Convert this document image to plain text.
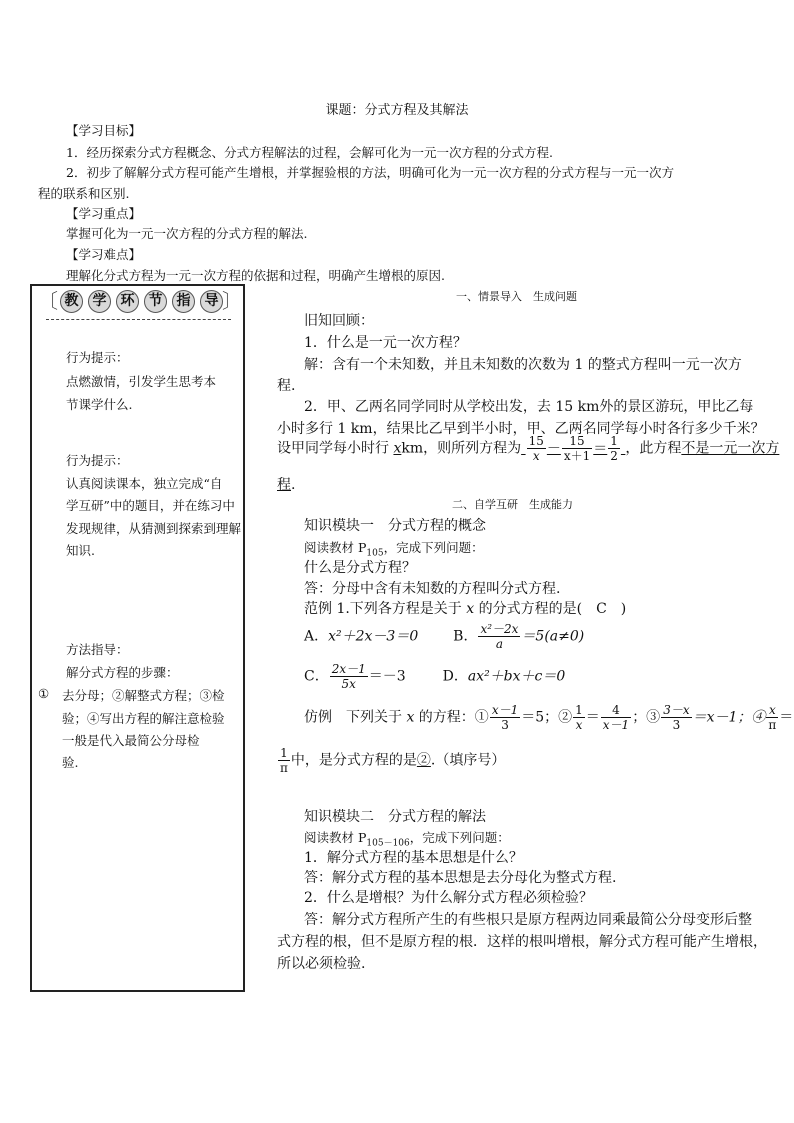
课题：分式方程及其解法
【学习目标】
1．经历探索分式方程概念、分式方程解法的过程，会解可化为一元一次方程的分式方程.
2．初步了解解分式方程可能产生增根，并掌握验根的方法，明确可化为一元一次方程的分式方程与一元一次方
程的联系和区别.
【学习重点】
掌握可化为一元一次方程的分式方程的解法.
【学习难点】
理解化分式方程为一元一次方程的依据和过程，明确产生增根的原因.
〔 教	学	环	节	指	导 〕
行为提示：
点燃激情，引发学生思考本
节课学什么.
行为提示：
认真阅读课本，独立完成“自
学互研”中的题目，并在练习中
发现规律，从猜测到探索到理解
知识.
方法指导：
解分式方程的步骤：
① 去分母；②解整式方程；③检
验；④写出方程的解注意检验
一般是代入最简公分母检
验.
一、情景导入　生成问题
旧知回顾：
1．什么是一元一次方程？
解：含有一个未知数，并且未知数的次数为 1 的整式方程叫一元一次方
程.
2．甲、乙两名同学同时从学校出发，去 15 km外的景区游玩，甲比乙每
小时多行 1 km，结果比乙早到半小时，甲、乙两名同学每小时各行多少千米？
设甲同学每小时行 xkm，则所列方程为 $\frac{15}{x} - \frac{15}{x+1} = \frac{1}{2}$ ，此方程不是一元一次方
程.
二、自学互研　生成能力
知识模块一　分式方程的概念
阅读教材 $P_{105}$，完成下列问题：
什么是分式方程？
答：分母中含有未知数的方程叫分式方程.
范例 1.下列各方程是关于 x 的分式方程的是(　C　)
A．x²＋2x－3＝0 B． $\frac{\text{x²－2x}}{a} =5(a\ne 0)$
C． $\frac{2x-1}{5x} =-3$	D．ax²＋bx＋c＝0
仿例　下列关于 x 的方程：① $\frac{x-1}{3} =5$；② $\frac{1}{x} = \frac{4}{x-1}$ ；③ $\frac{3-x}{3} =x-1$；④ $\frac{x}{\pi}$ ＝
$\frac{1}{\pi}$ 中，是分式方程的是②.（填序号）
知识模块二　分式方程的解法
阅读教材 $P_{105-106}$，完成下列问题：
1．解分式方程的基本思想是什么？
答：解分式方程的基本思想是去分母化为整式方程.
2．什么是增根？为什么解分式方程必须检验？
答：解分式方程所产生的有些根只是原方程两边同乘最简公分母变形后整
式方程的根，但不是原方程的根．这样的根叫增根，解分式方程可能产生增根，
所以必须检验.
